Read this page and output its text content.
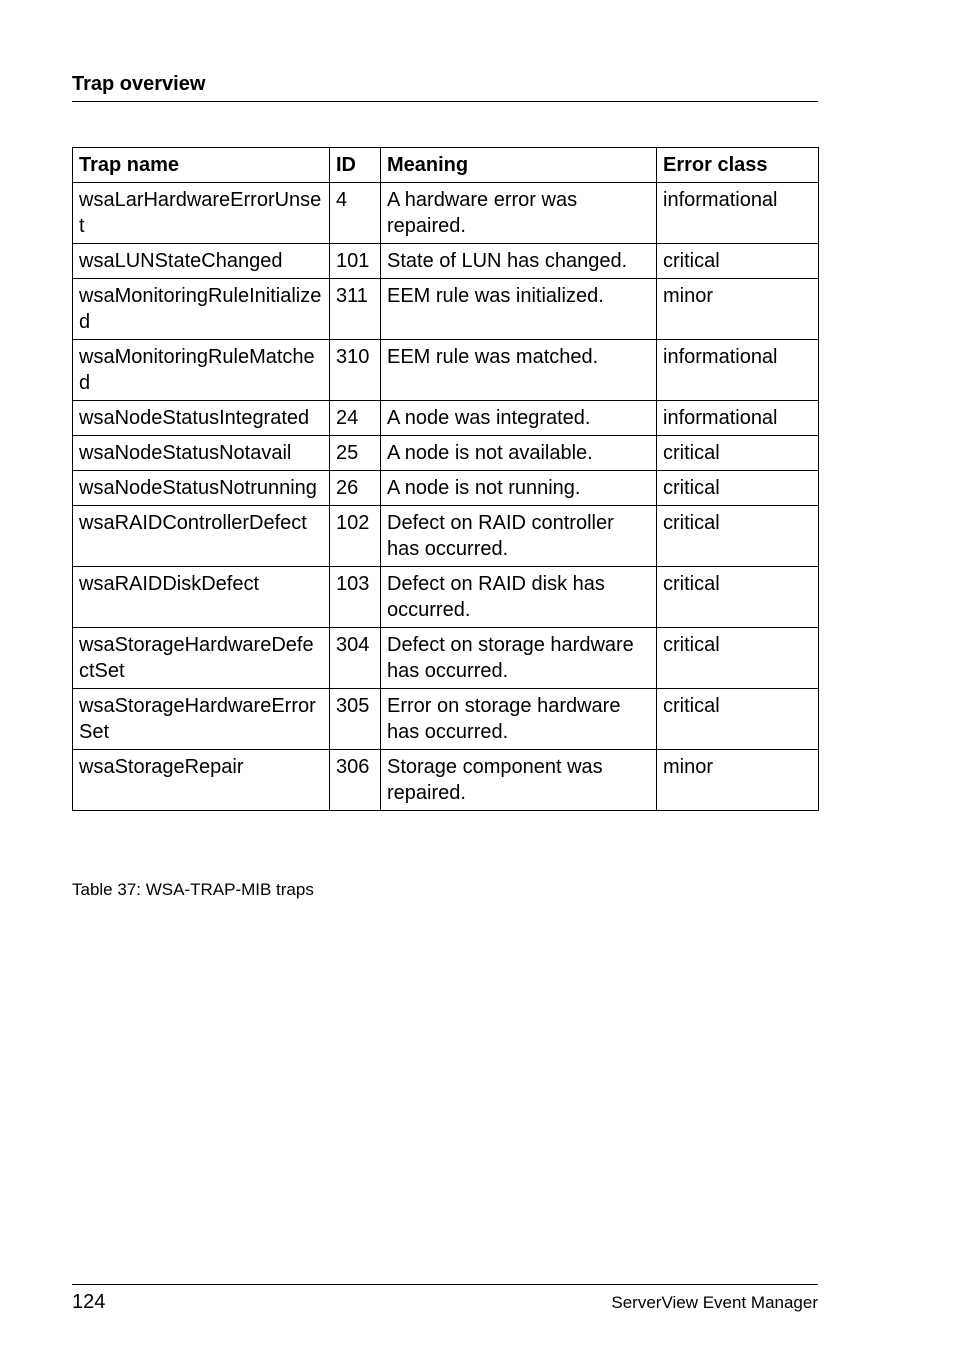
Trap overview
Trap name	ID	Meaning	Error class
wsaLarHardwareErrorUnset	4	A hardware error was repaired.	informational
wsaLUNStateChanged	101	State of LUN has changed.	critical
wsaMonitoringRuleInitialized	311	EEM rule was initialized.	minor
wsaMonitoringRuleMatched	310	EEM rule was matched.	informational
wsaNodeStatusIntegrated	24	A node was integrated.	informational
wsaNodeStatusNotavail	25	A node is not available.	critical
wsaNodeStatusNotrunning	26	A node is not running.	critical
wsaRAIDControllerDefect	102	Defect on RAID controller has occurred.	critical
wsaRAIDDiskDefect	103	Defect on RAID disk has occurred.	critical
wsaStorageHardwareDefectSet	304	Defect on storage hardware has occurred.	critical
wsaStorageHardwareErrorSet	305	Error on storage hardware has occurred.	critical
wsaStorageRepair	306	Storage component was repaired.	minor
Table 37: WSA-TRAP-MIB traps
124	ServerView Event Manager
